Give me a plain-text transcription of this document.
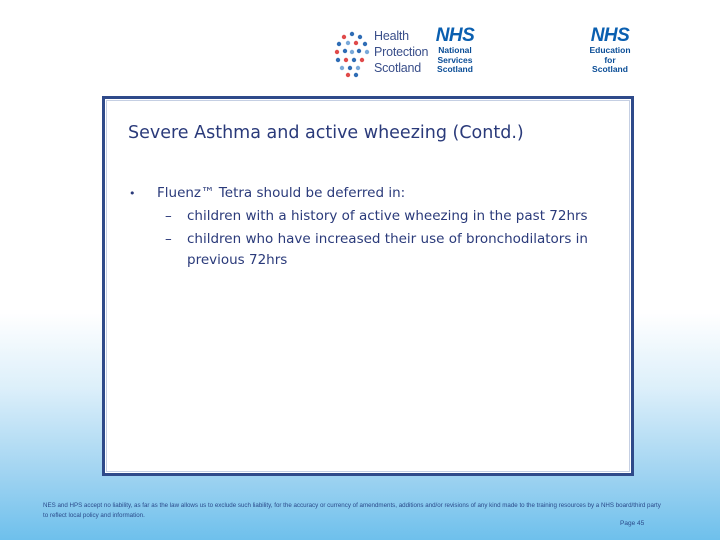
Health
Protection
Scotland
NHS
National
Services
Scotland
NHS
Education
for
Scotland
Severe Asthma and active wheezing (Contd.)
• Fluenz™ Tetra should be deferred in:
– children with a history of active wheezing in the past 72hrs
– children who have increased their use of bronchodilators in previous 72hrs
NES and HPS accept no liability, as far as the law allows us to exclude such liability, for the accuracy or currency of amendments, additions and/or revisions of any kind made to the training resources by a NHS board/third party to reflect local policy and information.
Page 45
